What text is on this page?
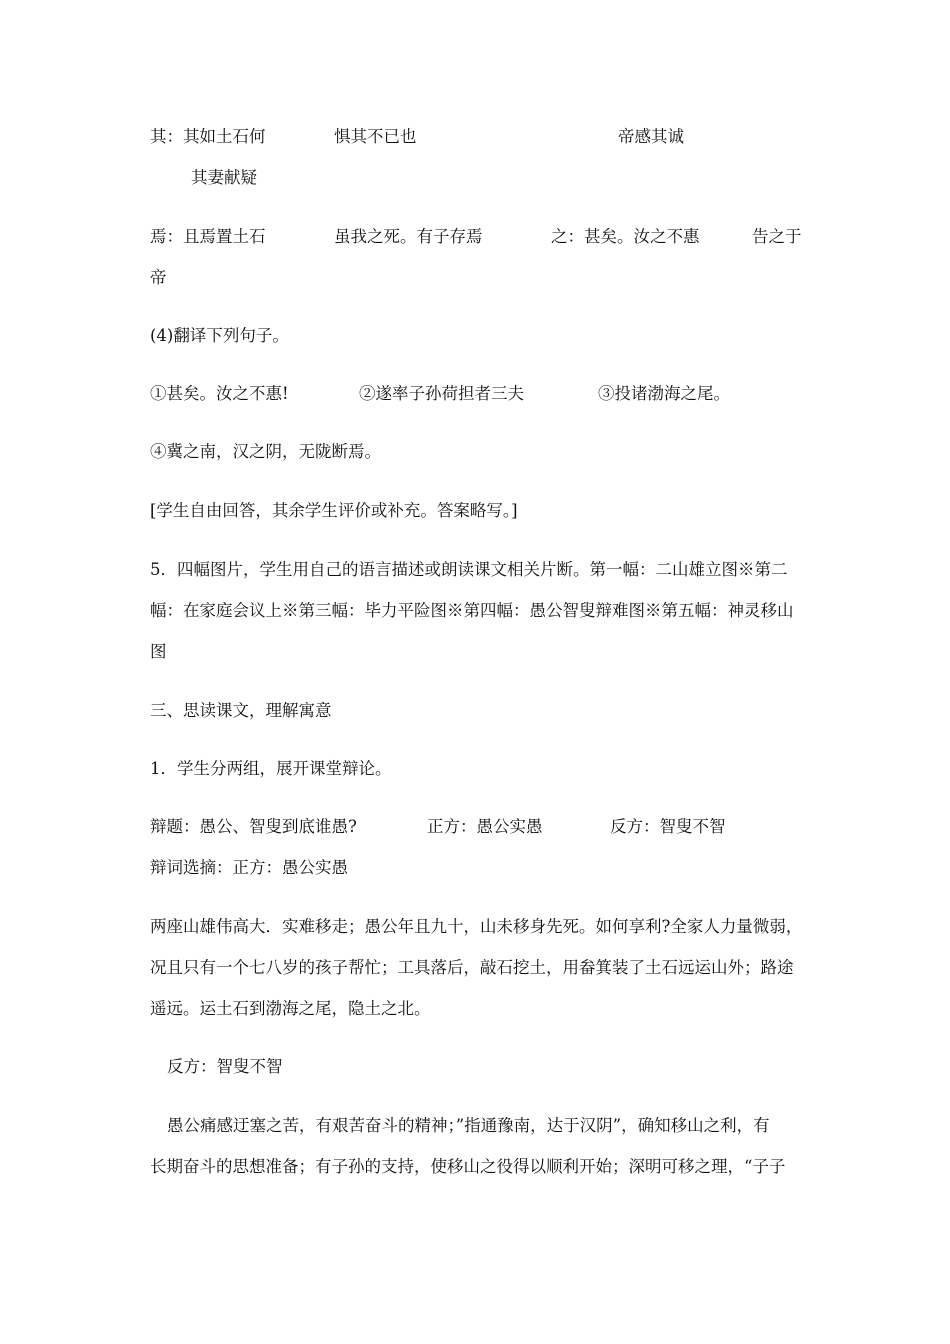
其：其如土石何	惧其不已也	帝感其诚
其妻献疑
焉：且焉置土石	虽我之死。有子存焉	之：甚矣。汝之不惠	告之于
帝
(4)翻译下列句子。
①甚矣。汝之不惠!	②遂率子孙荷担者三夫	③投诸渤海之尾。
④冀之南，汉之阴，无陇断焉。
[学生自由回答，其余学生评价或补充。答案略写。]
5．四幅图片，学生用自己的语言描述或朗读课文相关片断。第一幅：二山雄立图※第二
幅：在家庭会议上※第三幅：毕力平险图※第四幅：愚公智叟辩难图※第五幅：神灵移山
图
三、思读课文，理解寓意
1．学生分两组，展开课堂辩论。
辩题：愚公、智叟到底谁愚?	正方：愚公实愚	反方：智叟不智
辩词选摘：正方：愚公实愚
两座山雄伟高大．实难移走；愚公年且九十，山未移身先死。如何享利?全家人力量微弱，
况且只有一个七八岁的孩子帮忙；工具落后，敲石挖土，用畚箕装了土石远运山外；路途
遥远。运土石到渤海之尾，隐土之北。
反方：智叟不智
愚公痛感迂塞之苦，有艰苦奋斗的精神；”指通豫南，达于汉阴”，确知移山之利，有
长期奋斗的思想准备；有子孙的支持，使移山之役得以顺利开始；深明可移之理，“子子
